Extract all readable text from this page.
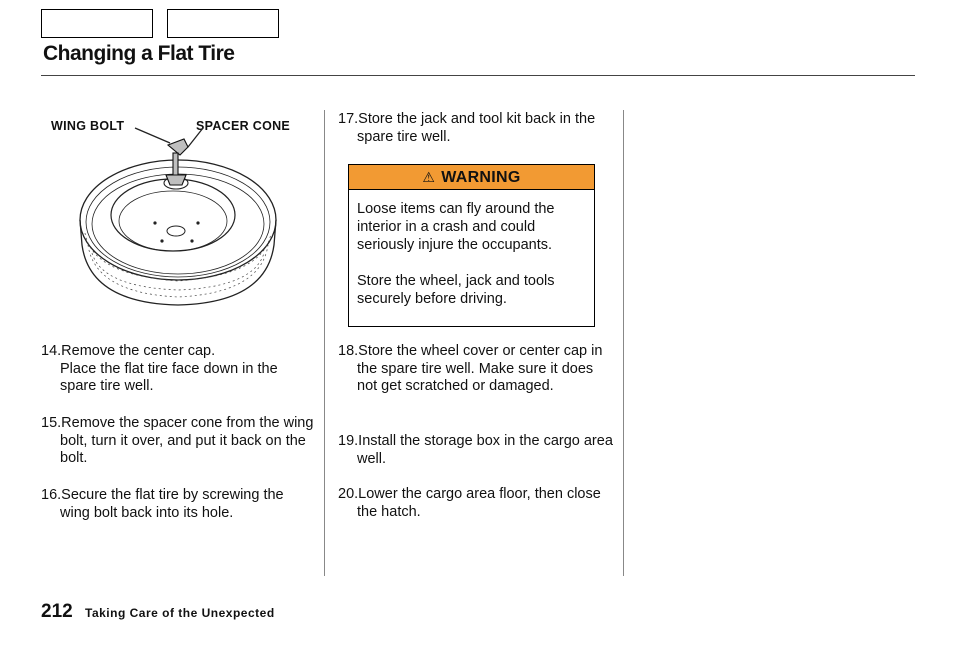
Changing a Flat Tire
WING BOLT	SPACER CONE
14.Remove the center cap.
Place the flat tire face down in the spare tire well.
15. Remove the spacer cone from the wing bolt, turn it over, and put it back on the bolt.
16. Secure the flat tire by screwing the wing bolt back into its hole.
17. Store the jack and tool kit back in the spare tire well.
⚠ WARNING

Loose items can fly around the interior in a crash and could seriously injure the occupants.

Store the wheel, jack and tools securely before driving.

18. Store the wheel cover or center cap in the spare tire well. Make sure it does not get scratched or damaged.
19. Install the storage box in the cargo area well.
20. Lower the cargo area floor, then close the hatch.
212 Taking Care of the Unexpected
